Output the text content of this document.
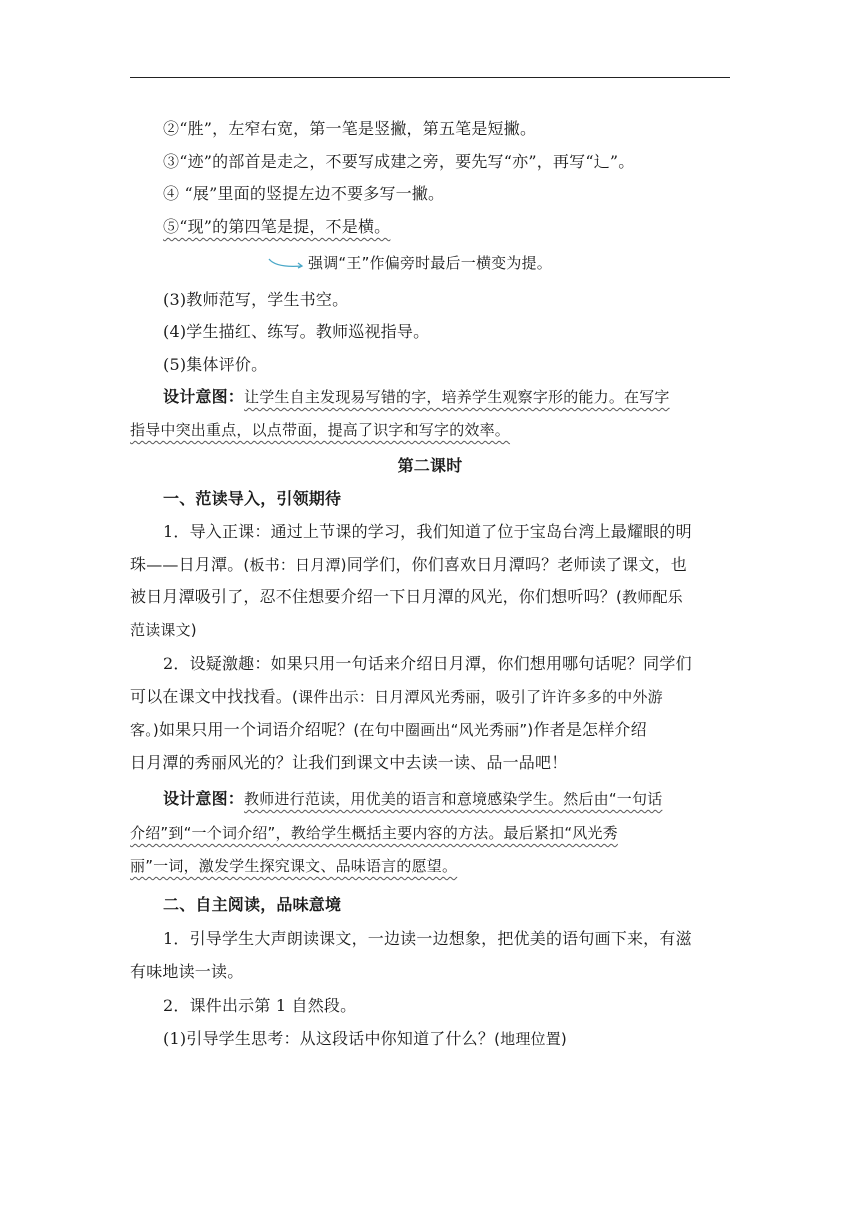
②“胜”，左窄右宽，第一笔是竖撇，第五笔是短撇。
③“迹”的部首是走之，不要写成建之旁，要先写“亦”，再写“辶”。
④ “展”里面的竖提左边不要多写一撇。
⑤“现”的第四笔是提，不是横。
强调“王”作偏旁时最后一横变为提。
(3)教师范写，学生书空。
(4)学生描红、练写。教师巡视指导。
(5)集体评价。
设计意图：让学生自主发现易写错的字，培养学生观察字形的能力。在写字
指导中突出重点，以点带面，提高了识字和写字的效率。
第二课时
一、范读导入，引领期待
1．导入正课：通过上节课的学习，我们知道了位于宝岛台湾上最耀眼的明
珠——日月潭。(板书：日月潭)同学们，你们喜欢日月潭吗？老师读了课文，也
被日月潭吸引了，忍不住想要介绍一下日月潭的风光，你们想听吗？(教师配乐
范读课文)
2．设疑激趣：如果只用一句话来介绍日月潭，你们想用哪句话呢？同学们
可以在课文中找找看。(课件出示：日月潭风光秀丽，吸引了许许多多的中外游
客。)如果只用一个词语介绍呢？(在句中圈画出“风光秀丽”)作者是怎样介绍
日月潭的秀丽风光的？让我们到课文中去读一读、品一品吧！
设计意图：教师进行范读，用优美的语言和意境感染学生。然后由“一句话
介绍”到“一个词介绍”，教给学生概括主要内容的方法。最后紧扣“风光秀
丽”一词，激发学生探究课文、品味语言的愿望。
二、自主阅读，品味意境
1．引导学生大声朗读课文，一边读一边想象，把优美的语句画下来，有滋
有味地读一读。
2．课件出示第 1 自然段。
(1)引导学生思考：从这段话中你知道了什么？(地理位置)
